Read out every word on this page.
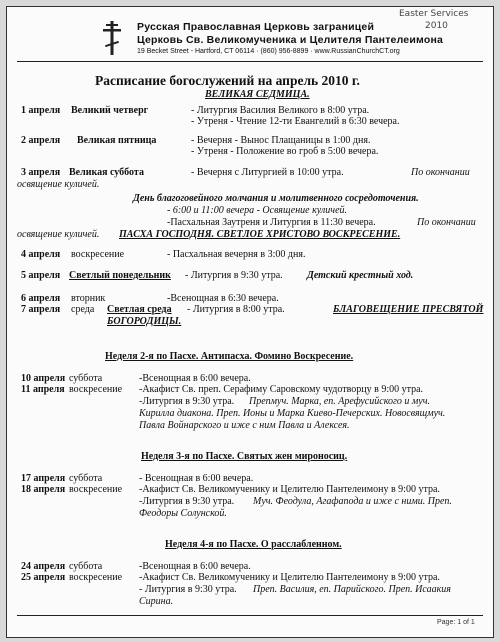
Русская Православная Церковь заграницей
Церковь Св. Великомученика и Целителя Пантелеимона
19 Becket Street - Hartford, CT 06114 · (860) 956-8899 · www.RussianChurchCT.org
Easter Services
2010
Расписание богослужений на апрель 2010 г.
ВЕЛИКАЯ СЕДМИЦА.
1 апреля Великий четверг	- Литургия Василия Великого в 8:00 утра.
- Утреня - Чтение 12-ти Евангелий в 6:30 вечера.
2 апреля Великая пятница	- Вечерня - Вынос Плащаницы в 1:00 дня.
- Утреня - Положение во гроб в 5:00 вечера.
3 апреля Великая суббота	- Вечерня с Литургией в 10:00 утра.	По окончании
освящение куличей.
День благоговейного молчания и молитвенного сосредоточения.
- 6:00 и 11:00 вечера - Освящение куличей.
-Пасхальная Заутреня и Литургия в 11:30 вечера.	По окончании
освящение куличей. ПАСХА ГОСПОДНЯ. СВЕТЛОЕ ХРИСТОВО ВОСКРЕСЕНИЕ.
4 апреля воскресение	- Пасхальная вечерня в 3:00 дня.
5 апреля Светлый понедельник - Литургия в 9:30 утра. Детский крестный ход.
6 апреля вторник	-Всенощная в 6:30 вечера.
7 апреля среда Светлая среда - Литургия в 8:00 утра.	БЛАГОВЕЩЕНИЕ ПРЕСВЯТОЙ
БОГОРОДИЦЫ.
Неделя 2-я по Пасхе. Антипасха. Фомино Воскресение.
10 апреля суббота	-Всенощная в 6:00 вечера.
11 апреля воскресение -Акафист Св. преп. Серафиму Саровскому чудотворцу в 9:00 утра.
-Литургия в 9:30 утра. Препмуч. Марка, еп. Арефусийского и муч.
Кирилла диакона. Преп. Ионы и Марка Киево-Печерских. Новосвящмуч.
Павла Войнарского и иже с ним Павла и Алексея.
Неделя 3-я по Пасхе. Святых жен мироносиц.
17 апреля суббота	- Всенощная в 6:00 вечера.
18 апреля воскресение -Акафист Св. Великомученику и Целителю Пантелеимону в 9:00 утра.
-Литургия в 9:30 утра. Муч. Феодула, Агафапода и иже с ними. Преп.
Феодоры Солунской.
Неделя 4-я по Пасхе. О расслабленном.
24 апреля суббота	-Всенощная в 6:00 вечера.
25 апреля воскресение -Акафист Св. Великомученику и Целителю Пантелеимону в 9:00 утра.
- Литургия в 9:30 утра. Преп. Василия, еп. Парийского. Преп. Исаакия
Сирина.
Page: 1 of 1
